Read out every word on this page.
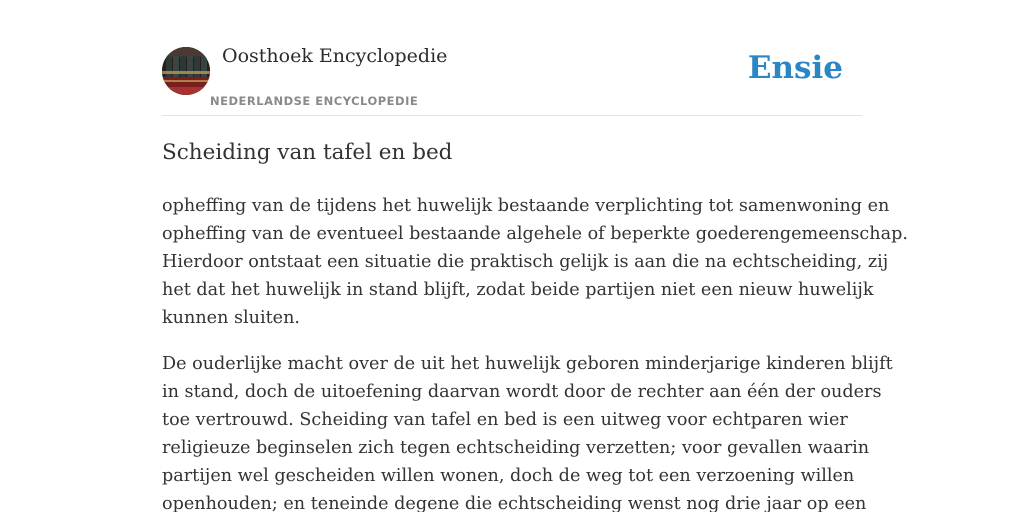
Oosthoek Encyclopedie
NEDERLANDSE ENCYCLOPEDIE
Ensie
Scheiding van tafel en bed

opheffing van de tijdens het huwelijk bestaande verplichting tot samenwoning en
opheffing van de eventueel bestaande algehele of beperkte goederengemeenschap.
Hierdoor ontstaat een situatie die praktisch gelijk is aan die na echtscheiding, zij
het dat het huwelijk in stand blijft, zodat beide partijen niet een nieuw huwelijk
kunnen sluiten.

De ouderlijke macht over de uit het huwelijk geboren minderjarige kinderen blijft
in stand, doch de uitoefening daarvan wordt door de rechter aan één der ouders
toe vertrouwd. Scheiding van tafel en bed is een uitweg voor echtparen wier
religieuze beginselen zich tegen echtscheiding verzetten; voor gevallen waarin
partijen wel gescheiden willen wonen, doch de weg tot een verzoening willen
openhouden; en teneinde degene die echtscheiding wenst nog drie jaar op een
